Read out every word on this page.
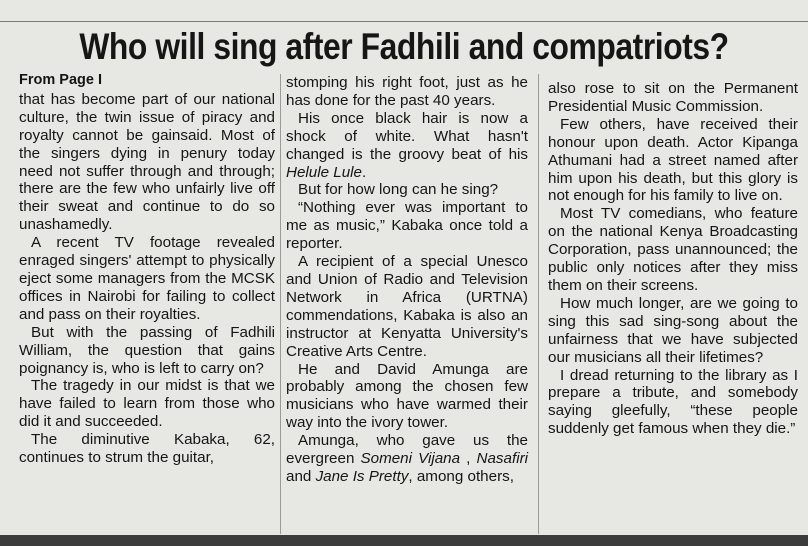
Who will sing after Fadhili and compatriots?

From Page I

that has become part of our national culture, the twin issue of piracy and royalty cannot be gainsaid. Most of the singers dying in penury today need not suffer through and through; there are the few who unfairly live off their sweat and continue to do so unashamedly.

A recent TV footage revealed enraged singers' attempt to physically eject some managers from the MCSK offices in Nairobi for failing to collect and pass on their royalties.

But with the passing of Fadhili William, the question that gains poignancy is, who is left to carry on?

The tragedy in our midst is that we have failed to learn from those who did it and succeeded.

The diminutive Kabaka, 62, continues to strum the guitar,

stomping his right foot, just as he has done for the past 40 years.

His once black hair is now a shock of white. What hasn't changed is the groovy beat of his Helule Lule.

But for how long can he sing?

“Nothing ever was important to me as music,” Kabaka once told a reporter.

A recipient of a special Unesco and Union of Radio and Television Network in Africa (URTNA) commendations, Kabaka is also an instructor at Kenyatta University's Creative Arts Centre.

He and David Amunga are probably among the chosen few musicians who have warmed their way into the ivory tower.

Amunga, who gave us the evergreen Someni Vijana , Nasafiri and Jane Is Pretty, among others,

also rose to sit on the Permanent Presidential Music Commission.

Few others, have received their honour upon death. Actor Kipanga Athumani had a street named after him upon his death, but this glory is not enough for his family to live on.

Most TV comedians, who feature on the national Kenya Broadcasting Corporation, pass unannounced; the public only notices after they miss them on their screens.

How much longer, are we going to sing this sad sing-song about the unfairness that we have subjected our musicians all their lifetimes?

I dread returning to the library as I prepare a tribute, and somebody saying gleefully, “these people suddenly get famous when they die.”
